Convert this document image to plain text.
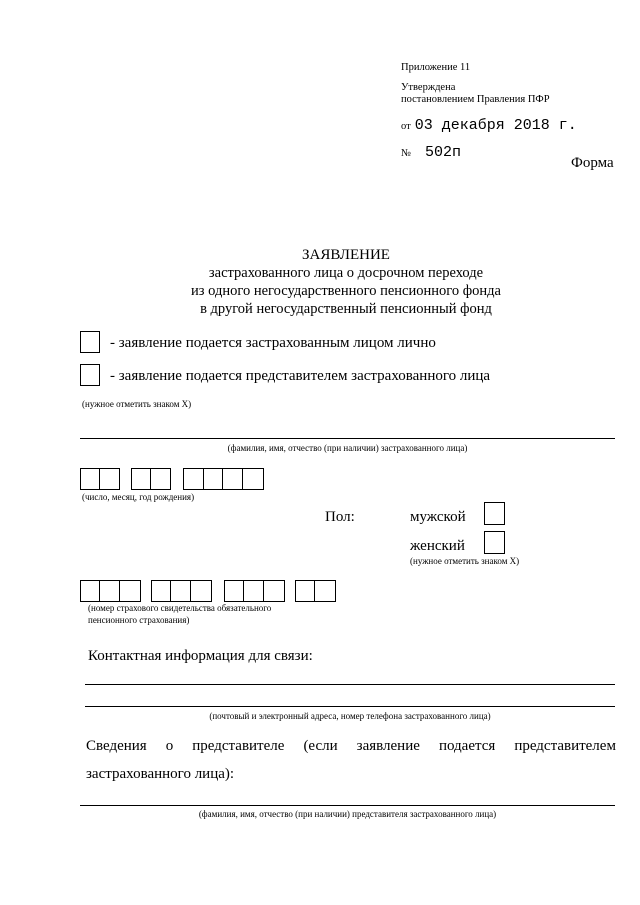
Приложение 11
Утверждена
постановлением Правления ПФР
от 03 декабря 2018 г.
№ 502п
Форма
ЗАЯВЛЕНИЕ
застрахованного лица о досрочном переходе
из одного негосударственного пенсионного фонда
в другой негосударственный пенсионный фонд
- заявление подается застрахованным лицом лично
- заявление подается представителем застрахованного лица
(нужное отметить знаком Х)
(фамилия, имя, отчество (при наличии) застрахованного лица)
(число, месяц, год рождения)
Пол:	мужской
женский
(нужное отметить знаком Х)
(номер страхового свидетельства обязательного
пенсионного страхования)
Контактная информация для связи:
(почтовый и электронный адреса, номер телефона застрахованного лица)
Сведения о представителе (если заявление подается представителем
застрахованного лица):
(фамилия, имя, отчество (при наличии) представителя застрахованного лица)
